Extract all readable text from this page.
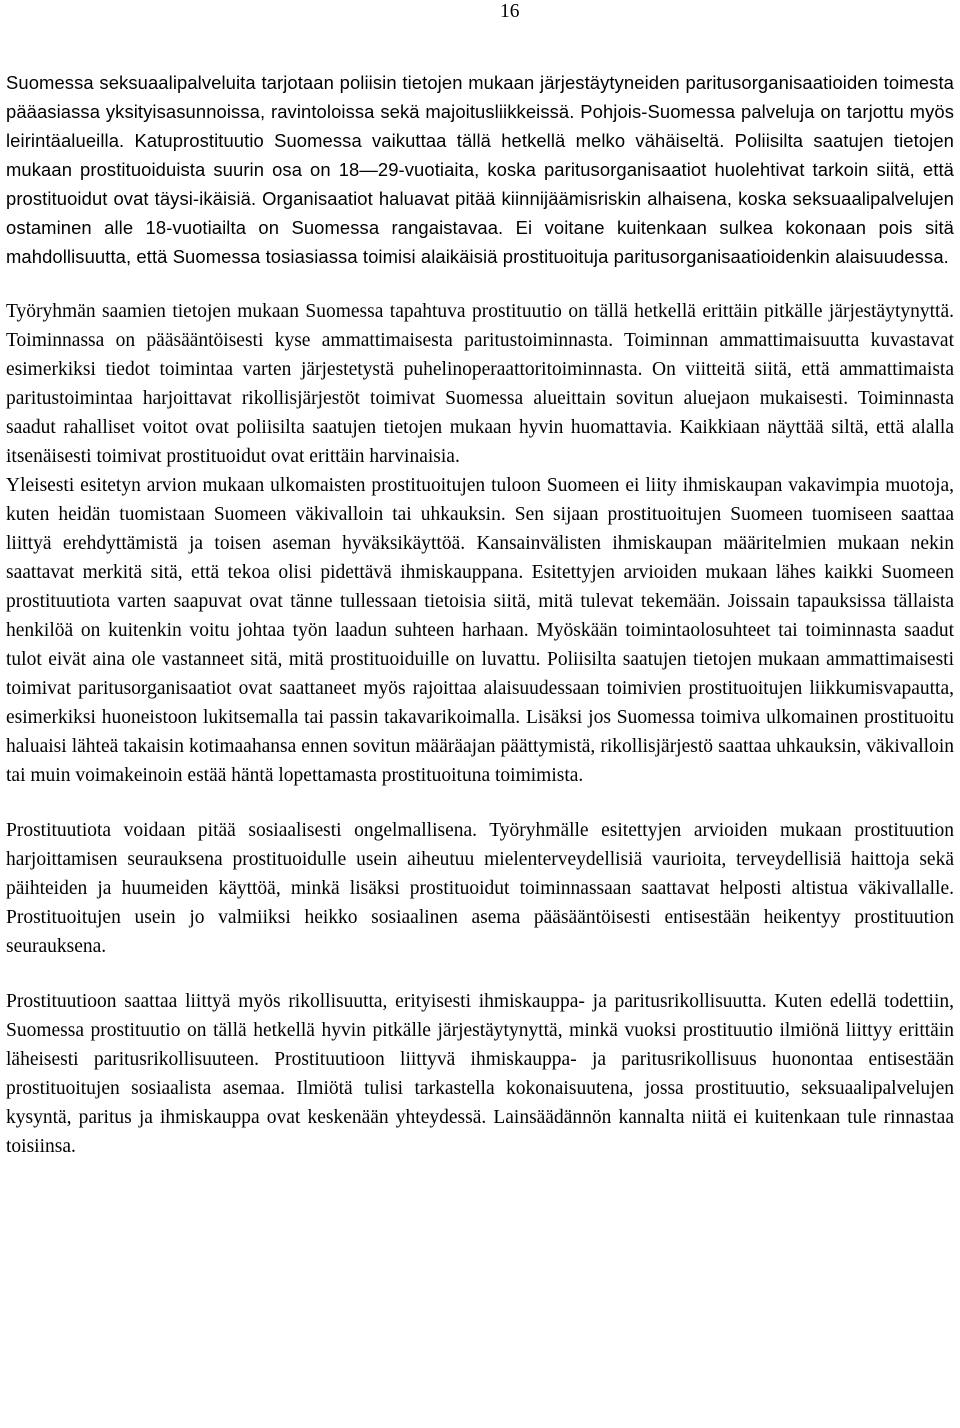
16

Suomessa seksuaalipalveluita tarjotaan poliisin tietojen mukaan järjestäytyneiden paritusorganisaatioiden toimesta pääasiassa yksityisasunnoissa, ravintoloissa sekä majoitusliikkeissä. Pohjois-Suomessa palveluja on tarjottu myös leirintäalueilla. Katuprostituutio Suomessa vaikuttaa tällä hetkellä melko vähäiseltä. Poliisilta saatujen tietojen mukaan prostituoiduista suurin osa on 18—29-vuotiaita, koska paritusorganisaatiot huolehtivat tarkoin siitä, että prostituoidut ovat täysi-ikäisiä. Organisaatiot haluavat pitää kiinnijäämisriskin alhaisena, koska seksuaalipalvelujen ostaminen alle 18-vuotiailta on Suomessa rangaistavaa. Ei voitane kuitenkaan sulkea kokonaan pois sitä mahdollisuutta, että Suomessa tosiasiassa toimisi alaikäisiä prostituoituja paritusorganisaatioidenkin alaisuudessa.

Työryhmän saamien tietojen mukaan Suomessa tapahtuva prostituutio on tällä hetkellä erittäin pitkälle järjestäytynyttä. Toiminnassa on pääsääntöisesti kyse ammattimaisesta paritustoiminnasta. Toiminnan ammattimaisuutta kuvastavat esimerkiksi tiedot toimintaa varten järjestetystä puhelinoperaattoritoiminnasta. On viitteitä siitä, että ammattimaista paritustoimintaa harjoittavat rikollisjärjestöt toimivat Suomessa alueittain sovitun aluejaon mukaisesti. Toiminnasta saadut rahalliset voitot ovat poliisilta saatujen tietojen mukaan hyvin huomattavia. Kaikkiaan näyttää siltä, että alalla itsenäisesti toimivat prostituoidut ovat erittäin harvinaisia.

Yleisesti esitetyn arvion mukaan ulkomaisten prostituoitujen tuloon Suomeen ei liity ihmiskaupan vakavimpia muotoja, kuten heidän tuomistaan Suomeen väkivalloin tai uhkauksin. Sen sijaan prostituoitujen Suomeen tuomiseen saattaa liittyä erehdyttämistä ja toisen aseman hyväksikäyttöä. Kansainvälisten ihmiskaupan määritelmien mukaan nekin saattavat merkitä sitä, että tekoa olisi pidettävä ihmiskauppana. Esitettyjen arvioiden mukaan lähes kaikki Suomeen prostituutiota varten saapuvat ovat tänne tullessaan tietoisia siitä, mitä tulevat tekemään. Joissain tapauksissa tällaista henkilöä on kuitenkin voitu johtaa työn laadun suhteen harhaan. Myöskään toimintaolosuhteet tai toiminnasta saadut tulot eivät aina ole vastanneet sitä, mitä prostituoiduille on luvattu. Poliisilta saatujen tietojen mukaan ammattimaisesti toimivat paritusorganisaatiot ovat saattaneet myös rajoittaa alaisuudessaan toimivien prostituoitujen liikkumisvapautta, esimerkiksi huoneistoon lukitsemalla tai passin takavarikoimalla. Lisäksi jos Suomessa toimiva ulkomainen prostituoitu haluaisi lähteä takaisin kotimaahansa ennen sovitun määräajan päättymistä, rikollisjärjestö saattaa uhkauksin, väkivalloin tai muin voimakeinoin estää häntä lopettamasta prostituoituna toimimista.

Prostituutiota voidaan pitää sosiaalisesti ongelmallisena. Työryhmälle esitettyjen arvioiden mukaan prostituution harjoittamisen seurauksena prostituoidulle usein aiheutuu mielenterveydellisiä vaurioita, terveydellisiä haittoja sekä päihteiden ja huumeiden käyttöä, minkä lisäksi prostituoidut toiminnassaan saattavat helposti altistua väkivallalle. Prostituoitujen usein jo valmiiksi heikko sosiaalinen asema pääsääntöisesti entisestään heikentyy prostituution seurauksena.

Prostituutioon saattaa liittyä myös rikollisuutta, erityisesti ihmiskauppa- ja paritusrikollisuutta. Kuten edellä todettiin, Suomessa prostituutio on tällä hetkellä hyvin pitkälle järjestäytynyttä, minkä vuoksi prostituutio ilmiönä liittyy erittäin läheisesti paritusrikollisuuteen. Prostituutioon liittyvä ihmiskauppa- ja paritusrikollisuus huonontaa entisestään prostituoitujen sosiaalista asemaa. Ilmiötä tulisi tarkastella kokonaisuutena, jossa prostituutio, seksuaalipalvelujen kysyntä, paritus ja ihmiskauppa ovat keskenään yhteydessä. Lainsäädännön kannalta niitä ei kuitenkaan tule rinnastaa toisiinsa.
